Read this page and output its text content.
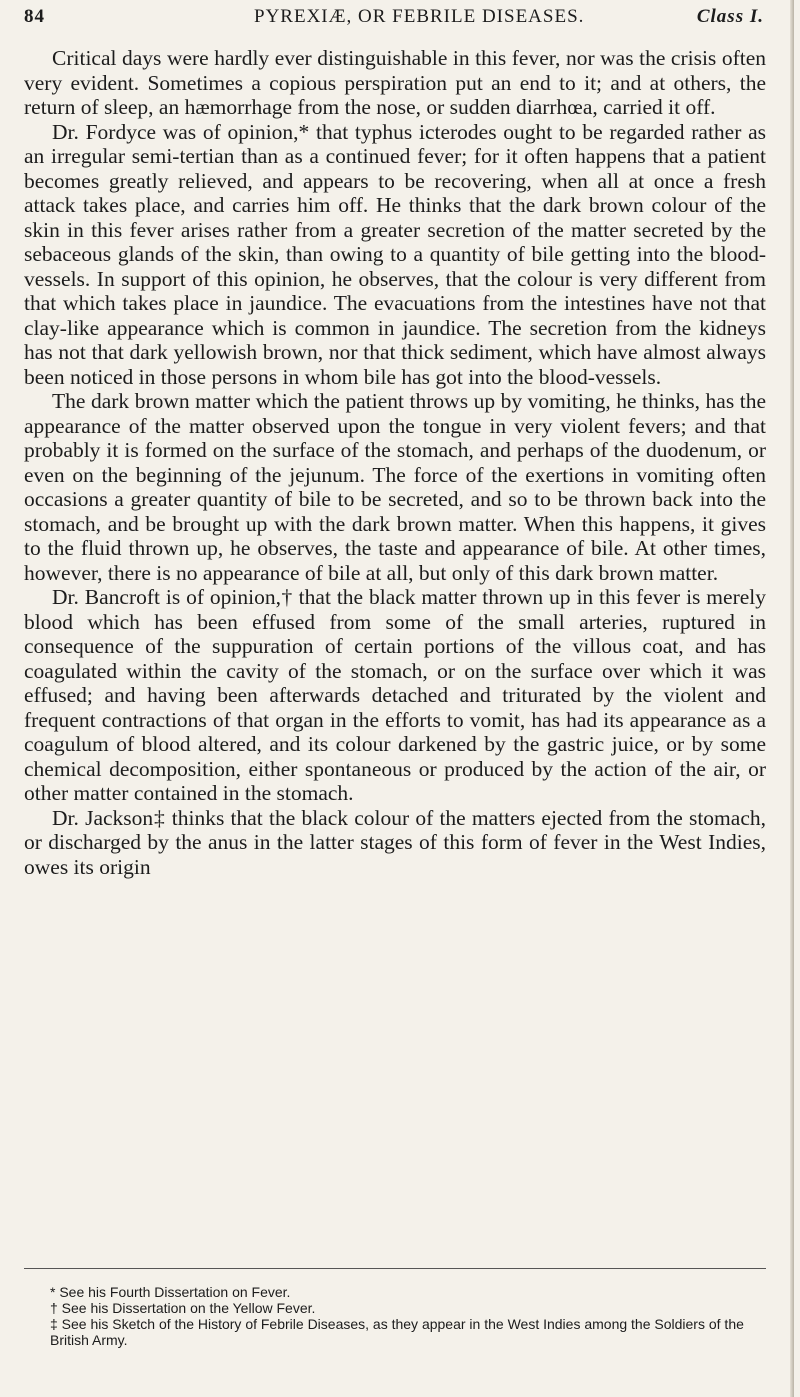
84	PYREXIÆ, OR FEBRILE DISEASES.	Class I.

Critical days were hardly ever distinguishable in this fever, nor was the crisis often very evident. Sometimes a copious perspiration put an end to it; and at others, the return of sleep, an hæmorrhage from the nose, or sudden diarrhœa, carried it off.

Dr. Fordyce was of opinion,* that typhus icterodes ought to be regarded rather as an irregular semi-tertian than as a continued fever; for it often happens that a patient becomes greatly relieved, and appears to be recovering, when all at once a fresh attack takes place, and carries him off. He thinks that the dark brown colour of the skin in this fever arises rather from a greater secretion of the matter secreted by the sebaceous glands of the skin, than owing to a quantity of bile getting into the blood-vessels. In support of this opinion, he observes, that the colour is very different from that which takes place in jaundice. The evacuations from the intestines have not that clay-like appearance which is common in jaundice. The secretion from the kidneys has not that dark yellowish brown, nor that thick sediment, which have almost always been noticed in those persons in whom bile has got into the blood-vessels.

The dark brown matter which the patient throws up by vomiting, he thinks, has the appearance of the matter observed upon the tongue in very violent fevers; and that probably it is formed on the surface of the stomach, and perhaps of the duodenum, or even on the beginning of the jejunum. The force of the exertions in vomiting often occasions a greater quantity of bile to be secreted, and so to be thrown back into the stomach, and be brought up with the dark brown matter. When this happens, it gives to the fluid thrown up, he observes, the taste and appearance of bile. At other times, however, there is no appearance of bile at all, but only of this dark brown matter.

Dr. Bancroft is of opinion,† that the black matter thrown up in this fever is merely blood which has been effused from some of the small arteries, ruptured in consequence of the suppuration of certain portions of the villous coat, and has coagulated within the cavity of the stomach, or on the surface over which it was effused; and having been afterwards detached and triturated by the violent and frequent contractions of that organ in the efforts to vomit, has had its appearance as a coagulum of blood altered, and its colour darkened by the gastric juice, or by some chemical decomposition, either spontaneous or produced by the action of the air, or other matter contained in the stomach.

Dr. Jackson‡ thinks that the black colour of the matters ejected from the stomach, or discharged by the anus in the latter stages of this form of fever in the West Indies, owes its origin

* See his Fourth Dissertation on Fever.

† See his Dissertation on the Yellow Fever.

‡ See his Sketch of the History of Febrile Diseases, as they appear in the West Indies among the Soldiers of the British Army.
